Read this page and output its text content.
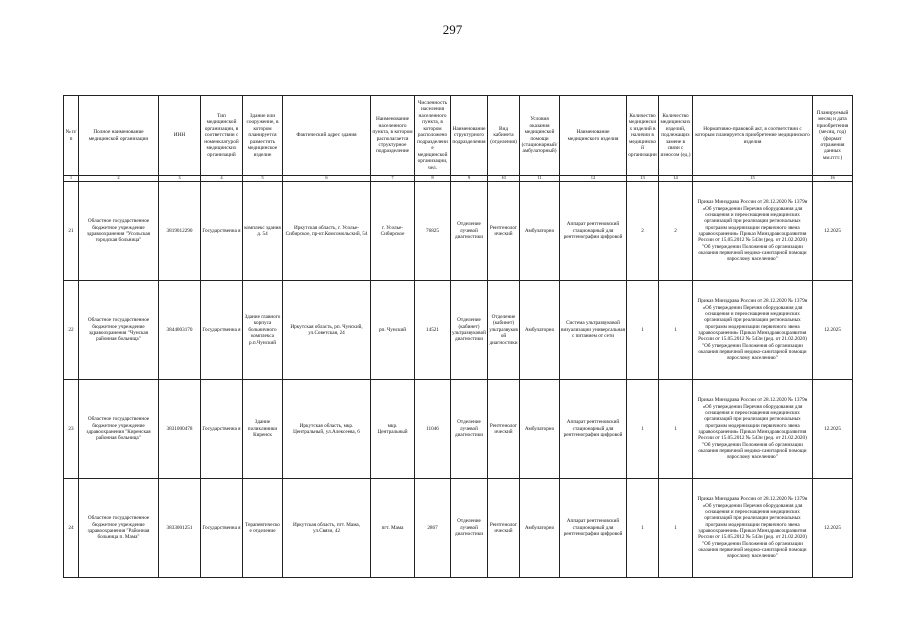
297
№ п/п	Полное наименование медицинской организации	ИНН	Тип медицинской организации, в соответствии с номенклатурой медицинских организаций	Здание или сооружение, в котором планируется разместить медицинское изделие	Фактический адрес здания	Наименование населенного пункта, в котором располагается структурное подразделение	Численность населения населенного пункта, в котором расположено подразделение медицинской организации, чел.	Наименование структурного подразделения	Вид кабинета (отделения)	Условия оказания медицинской помощи (стационарный/амбулаторный)	Наименование медицинского изделия	Количество медицинских изделий в наличии в медицинской организации	Количество медицинских изделий, подлежащих замене в связи с износом (ед.)	Нормативно-правовой акт, в соответствии с которым планируется приобретение медицинского изделия	Планируемый месяц и дата приобретения (месяц, год) (формат отражения данных мм.гггг.)
1	2	3	4	5	6	7	8	9	10	11	12	13	14	15	16
21	Областное государственное бюджетное учреждение здравоохранения "Усольская городская больница"	3819012290	Государственна я	комплекс здания д. 54	Иркутская область, г. Усолье-Сибирское, пр-кт.Комсомольский, 54	г. Усолье-Сибирское	76825	Отделение лучевой диагностики	Рентгенологический	Амбулаторно	Аппарат рентгеновский стационарный для рентгенографии цифровой	2	2	Приказ Минздрава России от 28.12.2020 № 1379н «Об утверждении Перечня оборудования для оснащения и переоснащения медицинских организаций при реализации региональных программ модернизации первичного звена здравоохранения» Приказ Минздравсоцразвития России от 15.05.2012 № 543н (ред. от 21.02.2020) "Об утверждении Положения об организации оказания первичной медико-санитарной помощи взрослому населению"	12.2025
22	Областное государственное бюджетное учреждение здравоохранения "Чунская районная больница"	3844003170	Государственна я	Здание главного корпуса больничного комплекса р.п.Чунский	Иркутская область, рп. Чунский, ул.Советская, 24	рп. Чунский	14521	Отделение (кабинет) ультразвуковой диагностики	Отделение (кабинет) ультразвуковой диагностики	Амбулаторно	Система ультразвуковой визуализации универсальная с питанием от сети	1	1	Приказ Минздрава России от 28.12.2020 № 1379н «Об утверждении Перечня оборудования для оснащения и переоснащения медицинских организаций при реализации региональных программ модернизации первичного звена здравоохранения» Приказ Минздравсоцразвития России от 15.05.2012 № 543н (ред. от 21.02.2020) "Об утверждении Положения об организации оказания первичной медико-санитарной помощи взрослому населению"	12.2025
23	Областное государственное бюджетное учреждение здравоохранения "Киренская районная больница"	3831000478	Государственна я	Здание поликлиники Киренск	Иркутская область, мкр. Центральный, ул.Алексеева, 6	мкр. Центральный	11046	Отделение лучевой диагностики	Рентгенологический	Амбулаторно	Аппарат рентгеновский стационарный для рентгенографии цифровой	1	1	Приказ Минздрава России от 28.12.2020 № 1379н «Об утверждении Перечня оборудования для оснащения и переоснащения медицинских организаций при реализации региональных программ модернизации первичного звена здравоохранения» Приказ Минздравсоцразвития России от 15.05.2012 № 543н (ред. от 21.02.2020) "Об утверждении Положения об организации оказания первичной медико-санитарной помощи взрослому населению"	12.2025
24	Областное государственное бюджетное учреждение здравоохранения "Районная больница п. Мама"	3833001251	Государственна я	Терапевтическое отделение	Иркутская область, пгт. Мама, ул.Связи, 42	пгт. Мама	2867	Отделение лучевой диагностики	Рентгенологический	Амбулаторно	Аппарат рентгеновский стационарный для рентгенографии цифровой	1	1	Приказ Минздрава России от 28.12.2020 № 1379н «Об утверждении Перечня оборудования для оснащения и переоснащения медицинских организаций при реализации региональных программ модернизации первичного звена здравоохранения» Приказ Минздравсоцразвития России от 15.05.2012 № 543н (ред. от 21.02.2020) "Об утверждении Положения об организации оказания первичной медико-санитарной помощи взрослому населению"	12.2025
